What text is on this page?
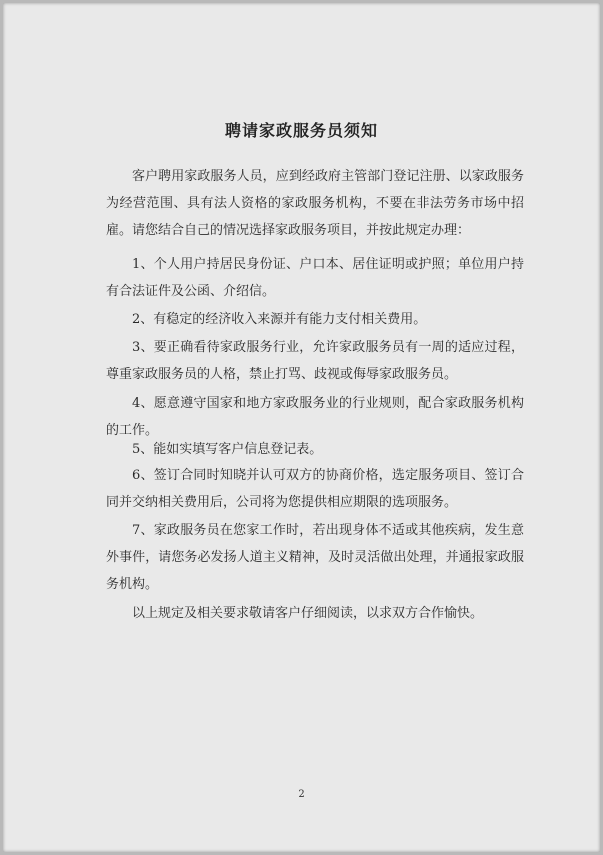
聘请家政服务员须知

客户聘用家政服务人员，应到经政府主管部门登记注册、以家政服务为经营范围、具有法人资格的家政服务机构，不要在非法劳务市场中招雇。请您结合自己的情况选择家政服务项目，并按此规定办理：

1、个人用户持居民身份证、户口本、居住证明或护照；单位用户持有合法证件及公函、介绍信。

2、有稳定的经济收入来源并有能力支付相关费用。

3、要正确看待家政服务行业，允许家政服务员有一周的适应过程，尊重家政服务员的人格，禁止打骂、歧视或侮辱家政服务员。

4、愿意遵守国家和地方家政服务业的行业规则，配合家政服务机构的工作。

5、能如实填写客户信息登记表。

6、签订合同时知晓并认可双方的协商价格，选定服务项目、签订合同并交纳相关费用后，公司将为您提供相应期限的选项服务。

7、家政服务员在您家工作时，若出现身体不适或其他疾病，发生意外事件，请您务必发扬人道主义精神，及时灵活做出处理，并通报家政服务机构。

以上规定及相关要求敬请客户仔细阅读，以求双方合作愉快。

2
